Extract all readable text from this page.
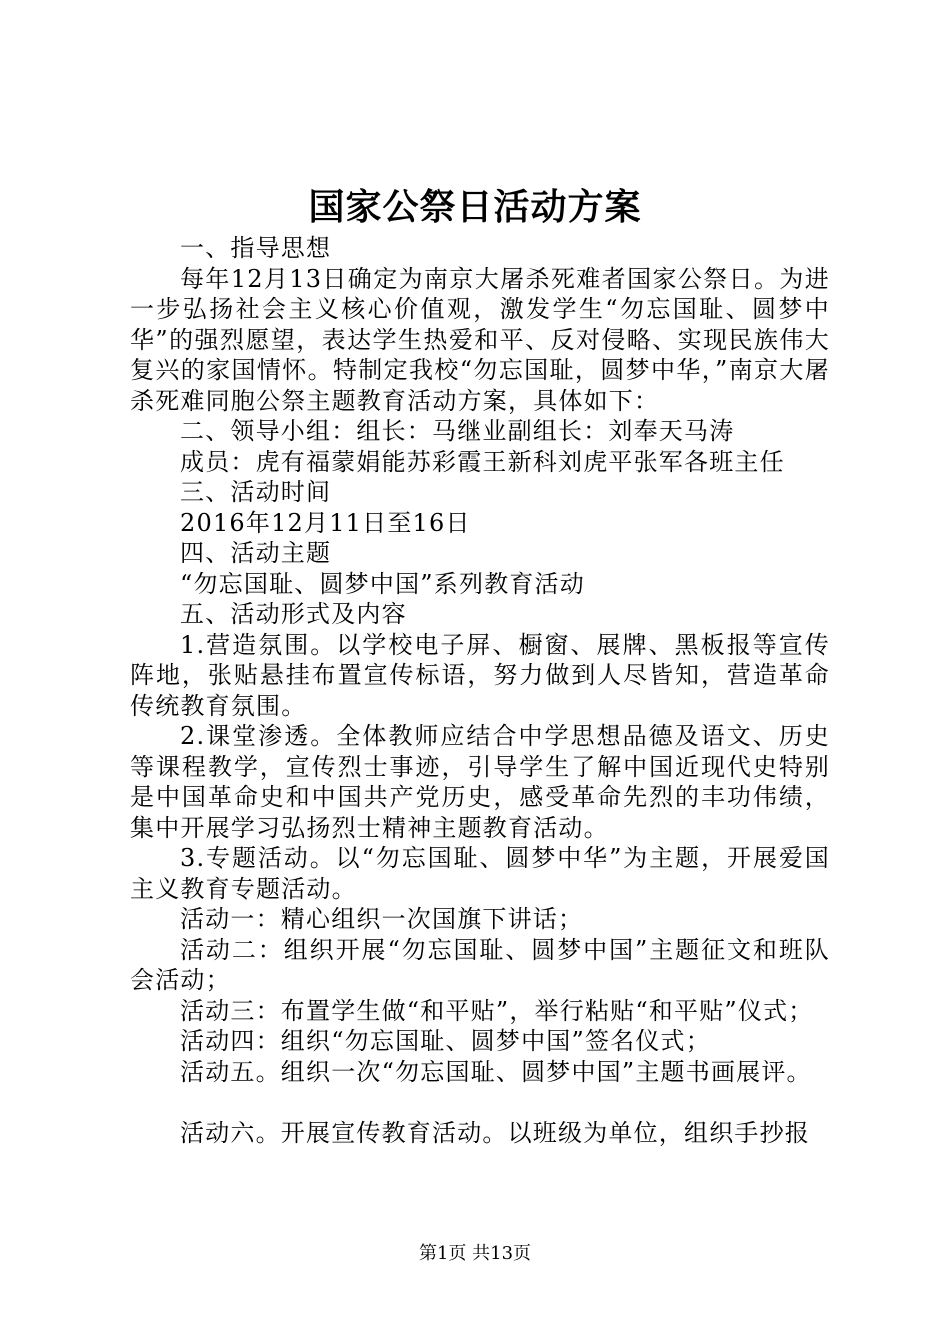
国家公祭日活动方案

一、指导思想

每年12月13日确定为南京大屠杀死难者国家公祭日。为进一步弘扬社会主义核心价值观，激发学生“勿忘国耻、圆梦中华”的强烈愿望，表达学生热爱和平、反对侵略、实现民族伟大复兴的家国情怀。特制定我校“勿忘国耻，圆梦中华，”南京大屠杀死难同胞公祭主题教育活动方案，具体如下：

二、领导小组：组长：马继业副组长：刘奉天马涛

成员：虎有福蒙娟能苏彩霞王新科刘虎平张军各班主任

三、活动时间

2016年12月11日至16日

四、活动主题

“勿忘国耻、圆梦中国”系列教育活动

五、活动形式及内容

1.营造氛围。以学校电子屏、橱窗、展牌、黑板报等宣传阵地，张贴悬挂布置宣传标语，努力做到人尽皆知，营造革命传统教育氛围。

2.课堂渗透。全体教师应结合中学思想品德及语文、历史等课程教学，宣传烈士事迹，引导学生了解中国近现代史特别是中国革命史和中国共产党历史，感受革命先烈的丰功伟绩，集中开展学习弘扬烈士精神主题教育活动。

3.专题活动。以“勿忘国耻、圆梦中华”为主题，开展爱国主义教育专题活动。

活动一：精心组织一次国旗下讲话；

活动二：组织开展“勿忘国耻、圆梦中国”主题征文和班队会活动；

活动三：布置学生做“和平贴”，举行粘贴“和平贴”仪式；

活动四：组织“勿忘国耻、圆梦中国”签名仪式；

活动五。组织一次“勿忘国耻、圆梦中国”主题书画展评。

活动六。开展宣传教育活动。以班级为单位，组织手抄报

第1页 共13页
